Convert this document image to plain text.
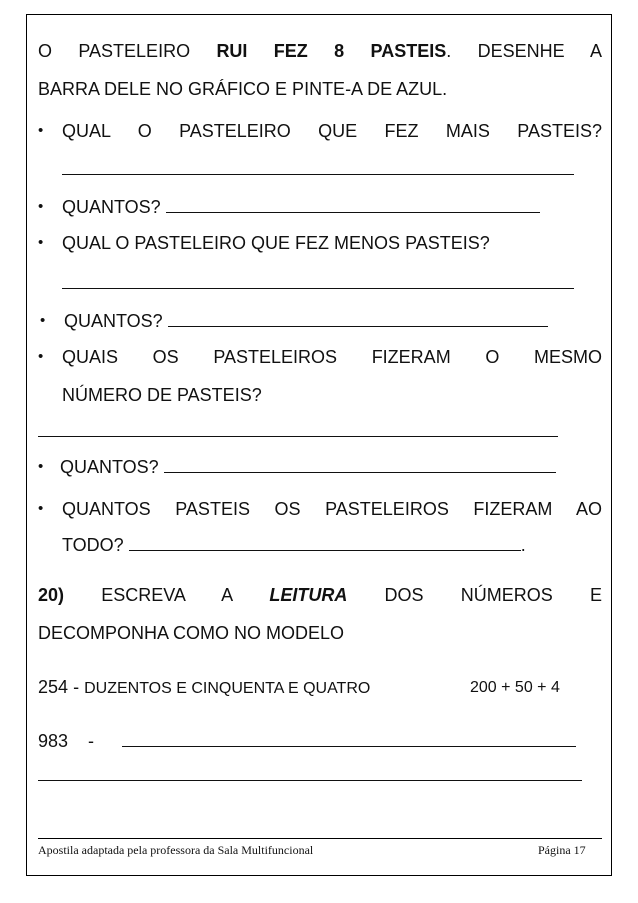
O PASTELEIRO RUI FEZ 8 PASTEIS. DESENHE A
BARRA DELE NO GRÁFICO E PINTE-A DE AZUL.
• QUAL O PASTELEIRO QUE FEZ MAIS PASTEIS?
• QUANTOS?
• QUAL O PASTELEIRO QUE FEZ MENOS PASTEIS?
• QUANTOS?
• QUAIS OS PASTELEIROS FIZERAM O MESMO
NÚMERO DE PASTEIS?
• QUANTOS?
• QUANTOS PASTEIS OS PASTELEIROS FIZERAM AO
TODO?	.
20) ESCREVA A LEITURA DOS NÚMEROS E
DECOMPONHA COMO NO MODELO
254 - DUZENTOS E CINQUENTA E QUATRO	200 + 50 + 4
983 -
Apostila adaptada pela professora da Sala Multifuncional	Página 17
